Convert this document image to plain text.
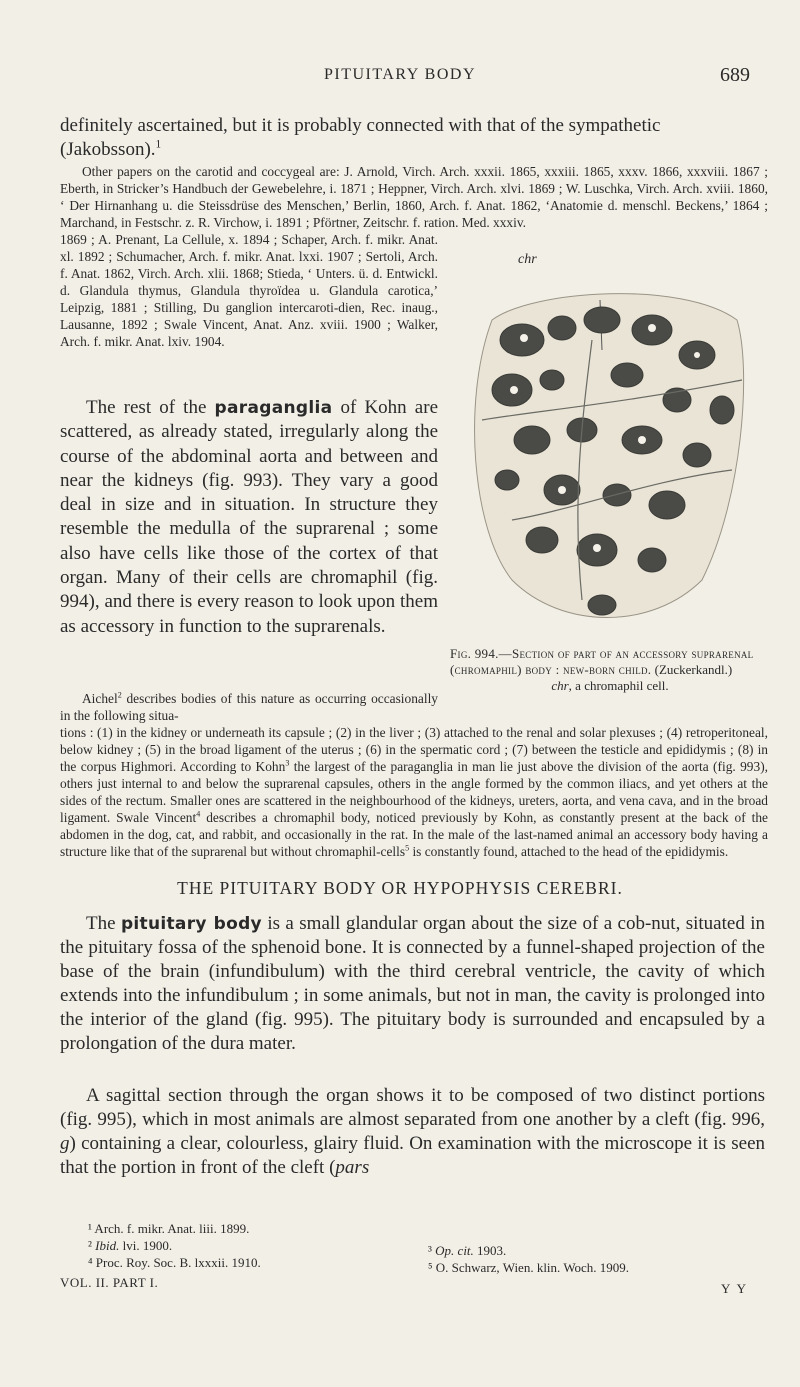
PITUITARY BODY	689

definitely ascertained, but it is probably connected with that of the sympathetic
(Jakobsson).$^1$

Other papers on the carotid and coccygeal are: J. Arnold, Virch. Arch. xxxii. 1865, xxxiii. 1865, xxxv. 1866, xxxviii. 1867 ; Eberth, in Stricker’s Handbuch der Gewebelehre, i. 1871 ; Heppner, Virch. Arch. xlvi. 1869 ; W. Luschka, Virch. Arch. xviii. 1860, ‘ Der Hirnanhang u. die Steissdrüse des Menschen,’ Berlin, 1860, Arch. f. Anat. 1862, ‘Anatomie d. menschl. Beckens,’ 1864 ; Marchand, in Festschr. z. R. Virchow, i. 1891 ; Pförtner, Zeitschr. f. ration. Med. xxxiv.

1869 ; A. Prenant, La Cellule, x. 1894 ; Schaper, Arch. f. mikr. Anat. xl. 1892 ; Schumacher, Arch. f. mikr. Anat. lxxi. 1907 ; Sertoli, Arch. f. Anat. 1862, Virch. Arch. xlii. 1868; Stieda, ‘ Unters. ü. d. Entwickl. d. Glandula thymus, Glandula thyroïdea u. Glandula carotica,’ Leipzig, 1881 ; Stilling, Du ganglion intercaroti-dien, Rec. inaug., Lausanne, 1892 ; Swale Vincent, Anat. Anz. xviii. 1900 ; Walker, Arch. f. mikr. Anat. lxiv. 1904.

The rest of the paraganglia of Kohn are scattered, as already stated, irregularly along the course of the abdominal aorta and between and near the kidneys (fig. 993). They vary a good deal in size and in situation. In structure they resemble the medulla of the suprarenal ; some also have cells like those of the cortex of that organ. Many of their cells are chromaphil (fig. 994), and there is every reason to look upon them as accessory in function to the suprarenals.

Aichel$^2$ describes bodies of this nature as occurring occasionally in the following situa-

tions : (1) in the kidney or underneath its capsule ; (2) in the liver ; (3) attached to the renal and solar plexuses ; (4) retroperitoneal, below kidney ; (5) in the broad ligament of the uterus ; (6) in the spermatic cord ; (7) between the testicle and epididymis ; (8) in the corpus Highmori. According to Kohn$^3$ the largest of the paraganglia in man lie just above the division of the aorta (fig. 993), others just internal to and below the suprarenal capsules, others in the angle formed by the common iliacs, and yet others at the sides of the rectum. Smaller ones are scattered in the neighbourhood of the kidneys, ureters, aorta, and vena cava, and in the broad ligament. Swale Vincent$^4$ describes a chromaphil body, noticed previously by Kohn, as constantly present at the back of the abdomen in the dog, cat, and rabbit, and occasionally in the rat. In the male of the last-named animal an accessory body having a structure like that of the suprarenal but without chromaphil-cells$^5$ is constantly found, attached to the head of the epididymis.

chr

Fig. 994.—Section of part of an accessory suprarenal (chromaphil) body : new-born child. (Zuckerkandl.)
chr, a chromaphil cell.

THE PITUITARY BODY OR HYPOPHYSIS CEREBRI.

The pituitary body is a small glandular organ about the size of a cob-nut, situated in the pituitary fossa of the sphenoid bone. It is connected by a funnel-shaped projection of the base of the brain (infundibulum) with the third cerebral ventricle, the cavity of which extends into the infundibulum ; in some animals, but not in man, the cavity is prolonged into the interior of the gland (fig. 995). The pituitary body is surrounded and encapsuled by a prolongation of the dura mater.

A sagittal section through the organ shows it to be composed of two distinct portions (fig. 995), which in most animals are almost separated from one another by a cleft (fig. 996, g) containing a clear, colourless, glairy fluid. On examination with the microscope it is seen that the portion in front of the cleft (pars

¹ Arch. f. mikr. Anat. liii. 1899.
² Ibid. lvi. 1900.
⁴ Proc. Roy. Soc. B. lxxxii. 1910.
³ Op. cit. 1903.
⁵ O. Schwarz, Wien. klin. Woch. 1909.
VOL. II. PART I.	Y Y
